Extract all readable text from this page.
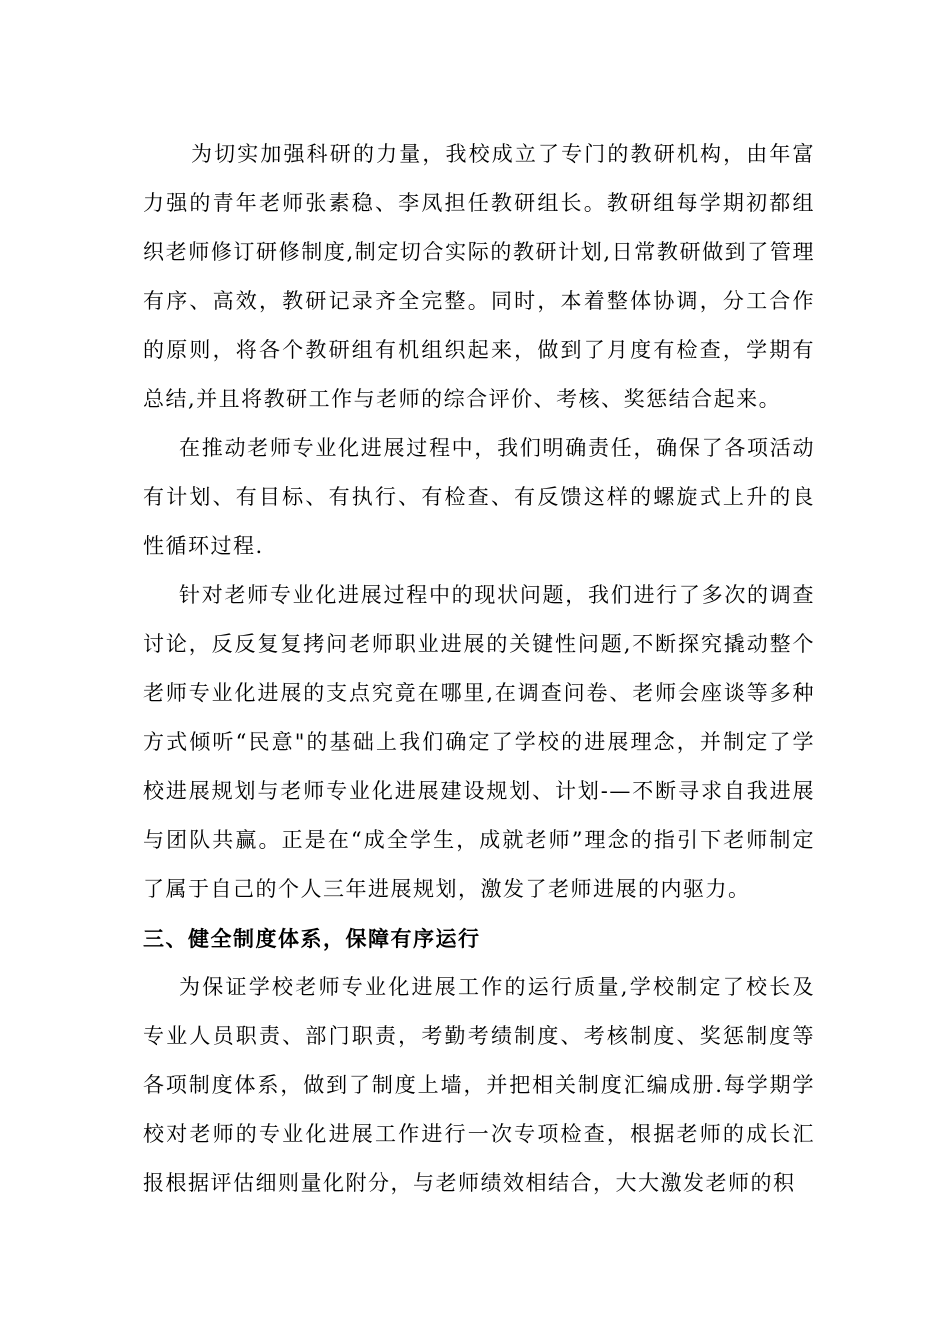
为切实加强科研的力量，我校成立了专门的教研机构，由年富力强的青年老师张素稳、李凤担任教研组长。教研组每学期初都组织老师修订研修制度,制定切合实际的教研计划,日常教研做到了管理有序、高效，教研记录齐全完整。同时，本着整体协调，分工合作的原则，将各个教研组有机组织起来，做到了月度有检查，学期有总结,并且将教研工作与老师的综合评价、考核、奖惩结合起来。

在推动老师专业化进展过程中，我们明确责任，确保了各项活动有计划、有目标、有执行、有检查、有反馈这样的螺旋式上升的良性循环过程.

针对老师专业化进展过程中的现状问题，我们进行了多次的调查讨论，反反复复拷问老师职业进展的关键性问题,不断探究撬动整个老师专业化进展的支点究竟在哪里,在调查问卷、老师会座谈等多种方式倾听“民意"的基础上我们确定了学校的进展理念，并制定了学校进展规划与老师专业化进展建设规划、计划-—不断寻求自我进展与团队共赢。正是在“成全学生，成就老师”理念的指引下老师制定了属于自己的个人三年进展规划，激发了老师进展的内驱力。

三、健全制度体系，保障有序运行

为保证学校老师专业化进展工作的运行质量,学校制定了校长及专业人员职责、部门职责，考勤考绩制度、考核制度、奖惩制度等各项制度体系，做到了制度上墙，并把相关制度汇编成册.每学期学校对老师的专业化进展工作进行一次专项检查，根据老师的成长汇报根据评估细则量化附分，与老师绩效相结合，大大激发老师的积
